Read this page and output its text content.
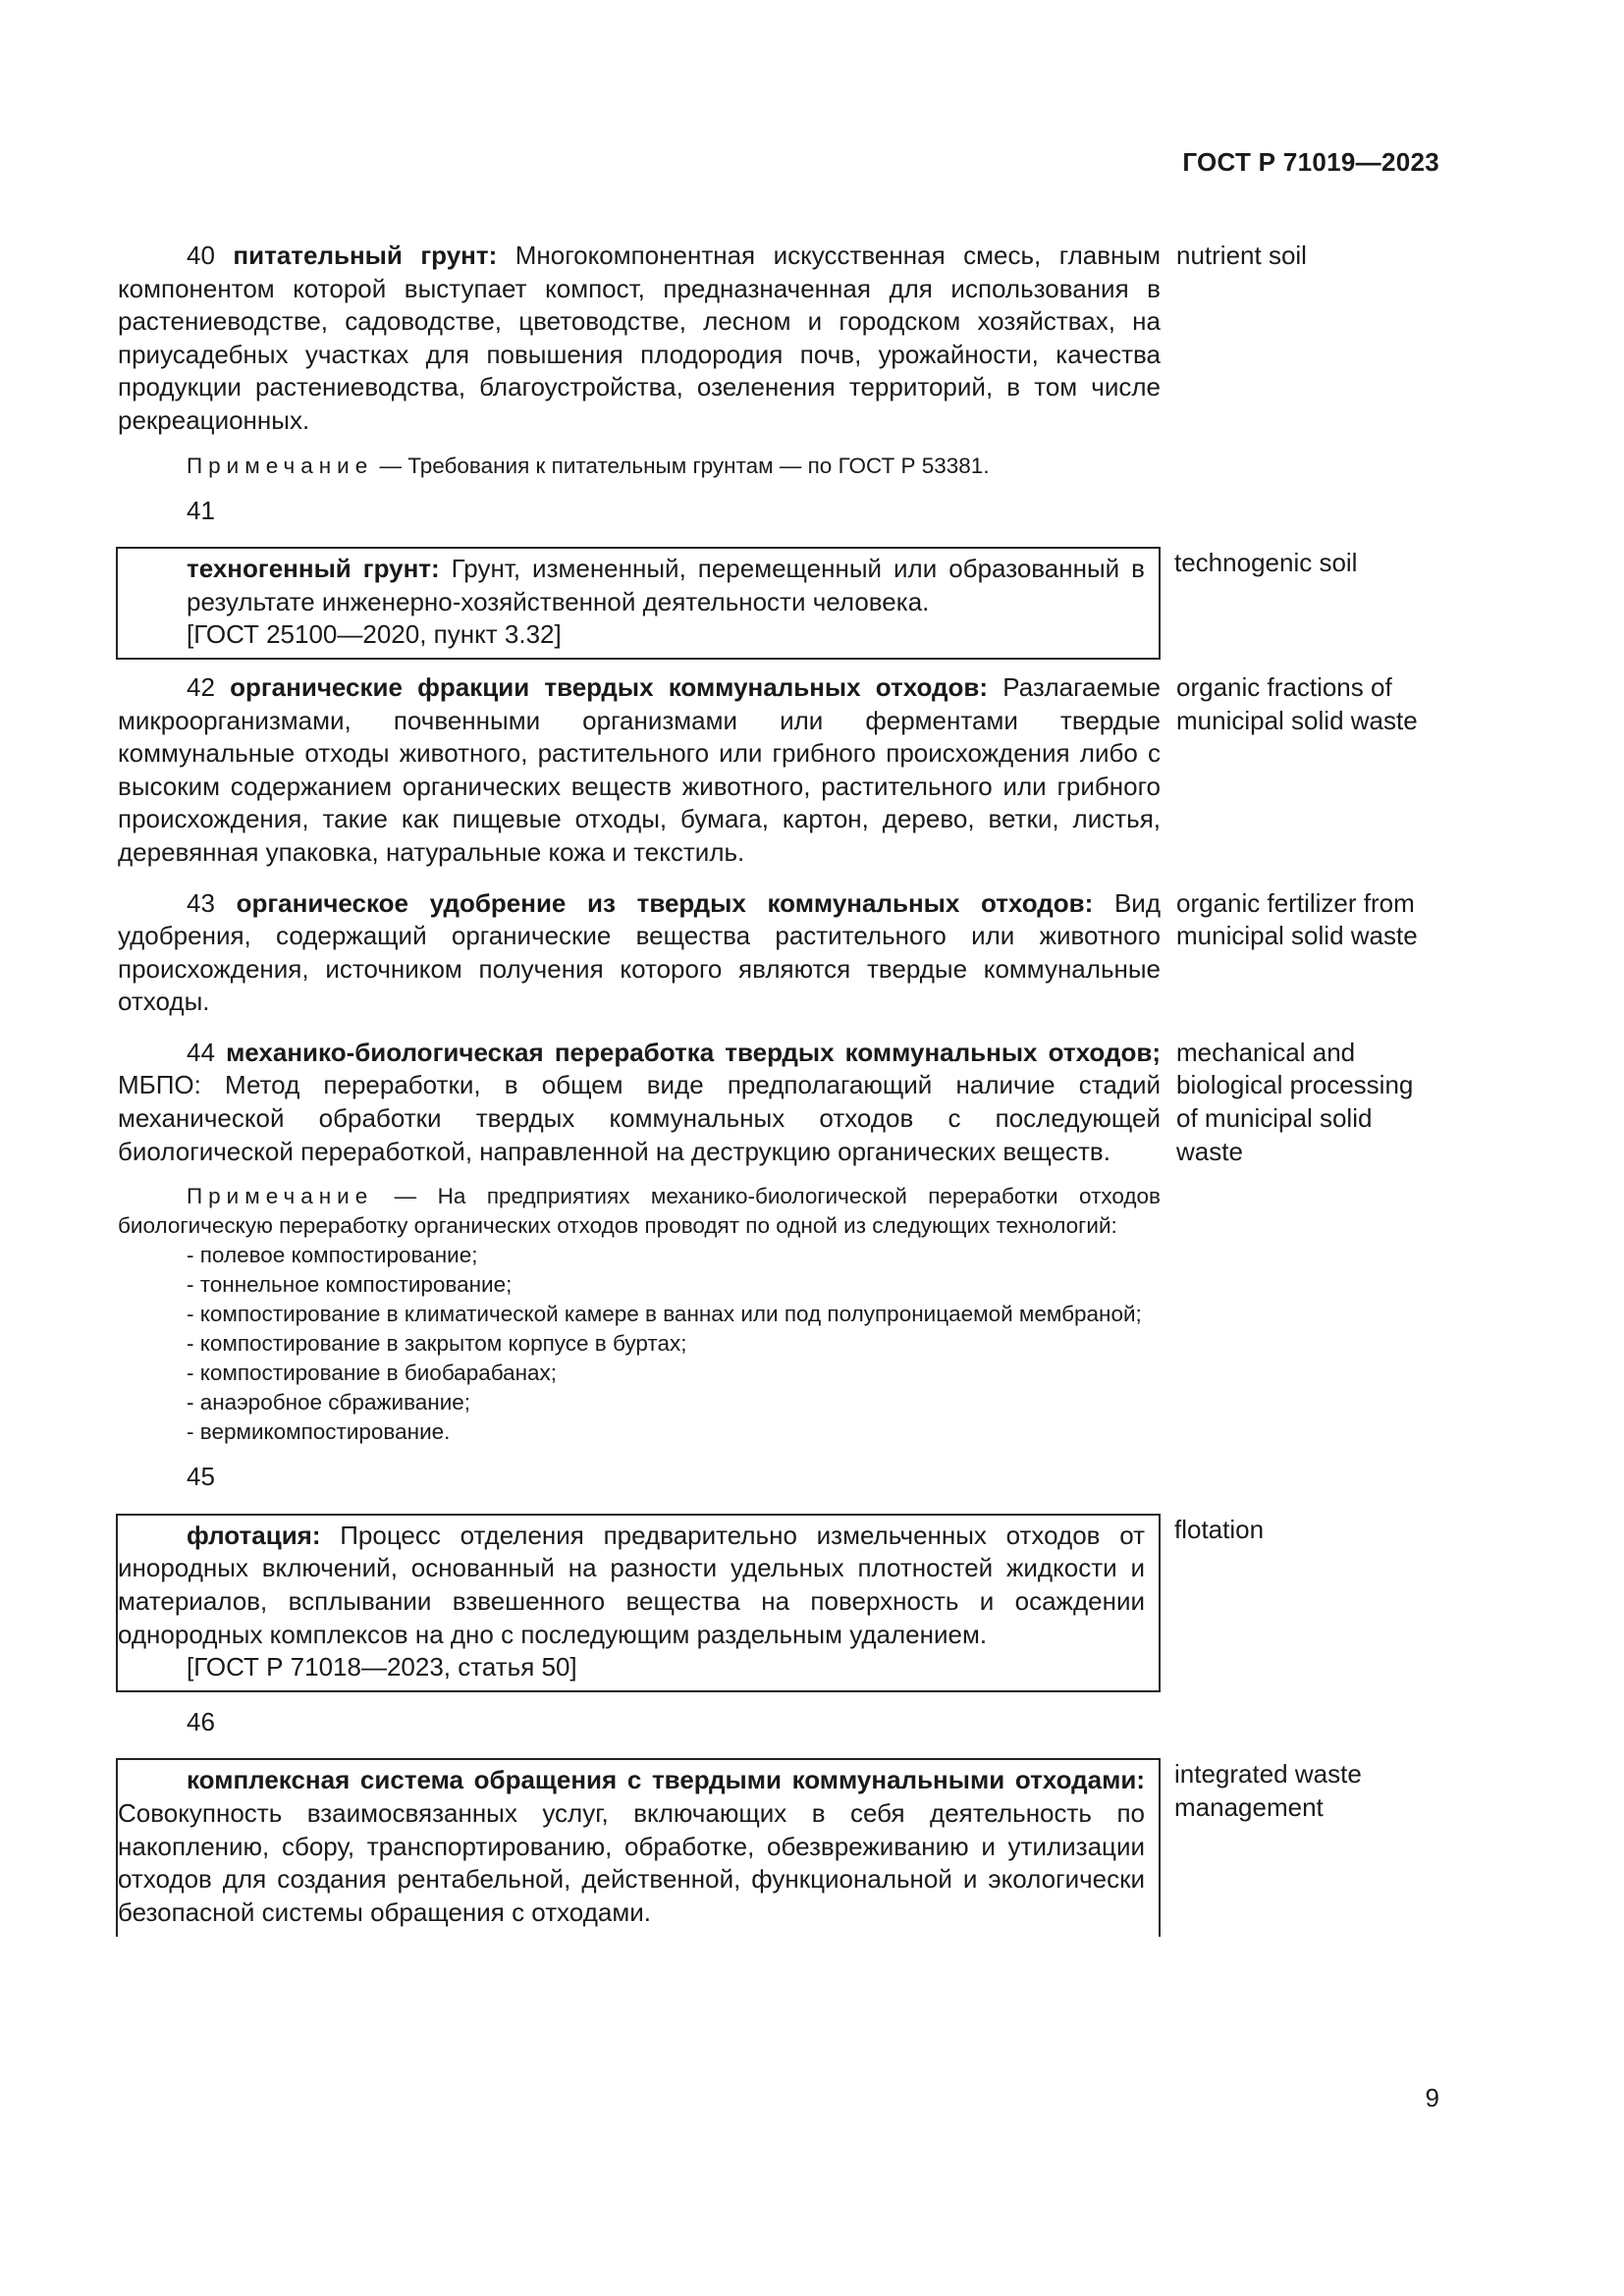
ГОСТ Р 71019—2023
40 питательный грунт: Многокомпонентная искусственная смесь, главным компонентом которой выступает компост, предназначенная для использования в растениеводстве, садоводстве, цветоводстве, лесном и городском хозяйствах, на приусадебных участках для повышения плодородия почв, урожайности, качества продукции растениеводства, благоустройства, озеленения территорий, в том числе рекреационных.
nutrient soil
Примечание — Требования к питательным грунтам — по ГОСТ Р 53381.
41
техногенный грунт: Грунт, измененный, перемещенный или образованный в результате инженерно-хозяйственной деятельности человека.
[ГОСТ 25100—2020, пункт 3.32]
technogenic soil
42 органические фракции твердых коммунальных отходов: Разлагаемые микроорганизмами, почвенными организмами или ферментами твердые коммунальные отходы животного, растительного или грибного происхождения либо с высоким содержанием органических веществ животного, растительного или грибного происхождения, такие как пищевые отходы, бумага, картон, дерево, ветки, листья, деревянная упаковка, натуральные кожа и текстиль.
organic fractions of municipal solid waste
43 органическое удобрение из твердых коммунальных отходов: Вид удобрения, содержащий органические вещества растительного или животного происхождения, источником получения которого являются твердые коммунальные отходы.
organic fertilizer from municipal solid waste
44 механико-биологическая переработка твердых коммунальных отходов; МБПО: Метод переработки, в общем виде предполагающий наличие стадий механической обработки твердых коммунальных отходов с последующей биологической переработкой, направленной на деструкцию органических веществ.
mechanical and biological processing of municipal solid waste
Примечание — На предприятиях механико-биологической переработки отходов биологическую переработку органических отходов проводят по одной из следующих технологий:
- полевое компостирование;
- тоннельное компостирование;
- компостирование в климатической камере в ваннах или под полупроницаемой мембраной;
- компостирование в закрытом корпусе в буртах;
- компостирование в биобарабанах;
- анаэробное сбраживание;
- вермикомпостирование.
45
флотация: Процесс отделения предварительно измельченных отходов от инородных включений, основанный на разности удельных плотностей жидкости и материалов, всплывании взвешенного вещества на поверхность и осаждении однородных комплексов на дно с последующим раздельным удалением.
[ГОСТ Р 71018—2023, статья 50]
flotation
46
комплексная система обращения с твердыми коммунальными отходами: Совокупность взаимосвязанных услуг, включающих в себя деятельность по накоплению, сбору, транспортированию, обработке, обезвреживанию и утилизации отходов для создания рентабельной, действенной, функциональной и экологически безопасной системы обращения с отходами.
integrated waste management
9
